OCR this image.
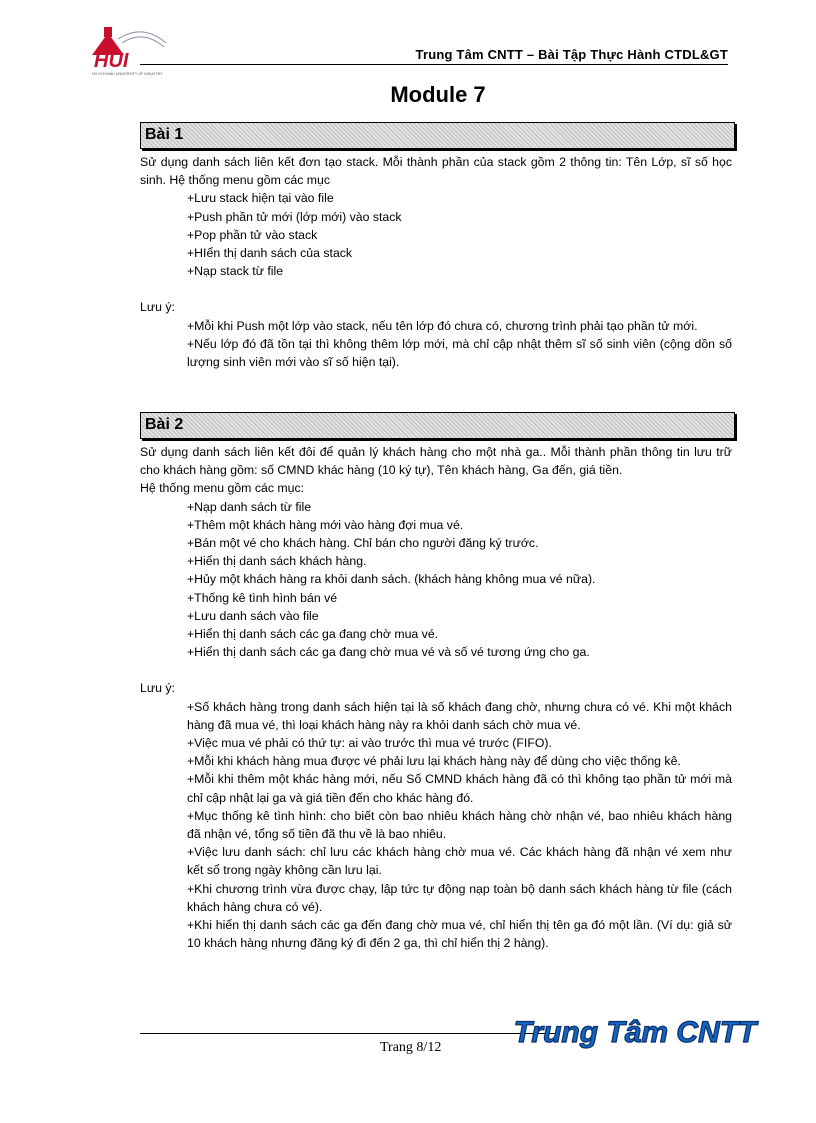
HUI
HO CHI MINH UNIVERSITY OF INDUSTRY
Trung Tâm CNTT – Bài Tập Thực Hành CTDL&GT
Module 7
Bài 1

Sử dụng danh sách liên kết đơn tạo stack. Mỗi thành phần của stack gồm 2 thông tin: Tên Lớp, sĩ số học sinh. Hệ thống menu gồm các mục

+Lưu stack hiện tại vào file
+Push phần tử mới (lớp mới) vào stack
+Pop phần tử vào stack
+HIển thị danh sách của stack
+Nạp stack từ file

Lưu ý:

+Mỗi khi Push một lớp vào stack, nếu tên lớp đó chưa có, chương trình phải tạo phần tử mới.

+Nếu lớp đó đã tồn tại thì không thêm lớp mới, mà chỉ cập nhật thêm sĩ số sinh viên (cộng dồn số lượng sinh viên mới vào sĩ số hiện tại).

Bài 2

Sử dụng danh sách liên kết đôi để quản lý khách hàng cho một nhà ga.. Mỗi thành phần thông tin lưu trữ cho khách hàng gồm: số CMND khác hàng (10 ký tự), Tên khách hàng, Ga đến, giá tiền.

Hệ thống menu gồm các mục:

+Nạp danh sách từ file
+Thêm một khách hàng mới vào hàng đợi mua vé.
+Bán một vé cho khách hàng. Chỉ bán cho người đăng ký trước.
+Hiển thị danh sách khách hàng.
+Hủy một khách hàng ra khỏi danh sách. (khách hàng không mua vé nữa).
+Thống kê tình hình bán vé
+Lưu danh sách vào file
+Hiển thị danh sách các ga đang chờ mua vé.
+Hiển thị danh sách các ga đang chờ mua vé và số vé tương ứng cho ga.

Lưu ý:

+Số khách hàng trong danh sách hiện tại là số khách đang chờ, nhưng chưa có vé. Khi một khách hàng đã mua vé, thì loại khách hàng này ra khỏi danh sách chờ mua vé.

+Việc mua vé phải có thứ tự: ai vào trước thì mua vé trước (FIFO).

+Mỗi khi khách hàng mua được vé phải lưu lại khách hàng này để dùng cho việc thống kê.

+Mỗi khi thêm một khác hàng mới, nếu Số CMND khách hàng đã có thì không tạo phần tử mới mà chỉ cập nhật lại ga và giá tiền đến cho khác hàng đó.

+Mục thống kê tình hình: cho biết còn bao nhiêu khách hàng chờ nhận vé, bao nhiêu khách hàng đã nhận vé, tổng số tiền đã thu về là bao nhiêu.

+Việc lưu danh sách: chỉ lưu các khách hàng chờ mua vé. Các khách hàng đã nhận vé xem như kết sổ trong ngày không cần lưu lại.

+Khi chương trình vừa được chạy, lập tức tự động nạp toàn bộ danh sách khách hàng từ file (cách khách hàng chưa có vé).

+Khi hiển thị danh sách các ga đến đang chờ mua vé, chỉ hiển thị tên ga đó một lần. (Ví dụ: giả sử 10 khách hàng nhưng đăng ký đi đến 2 ga, thì chỉ hiển thị 2 hàng).

Trang 8/12 Trung Tâm CNTT
